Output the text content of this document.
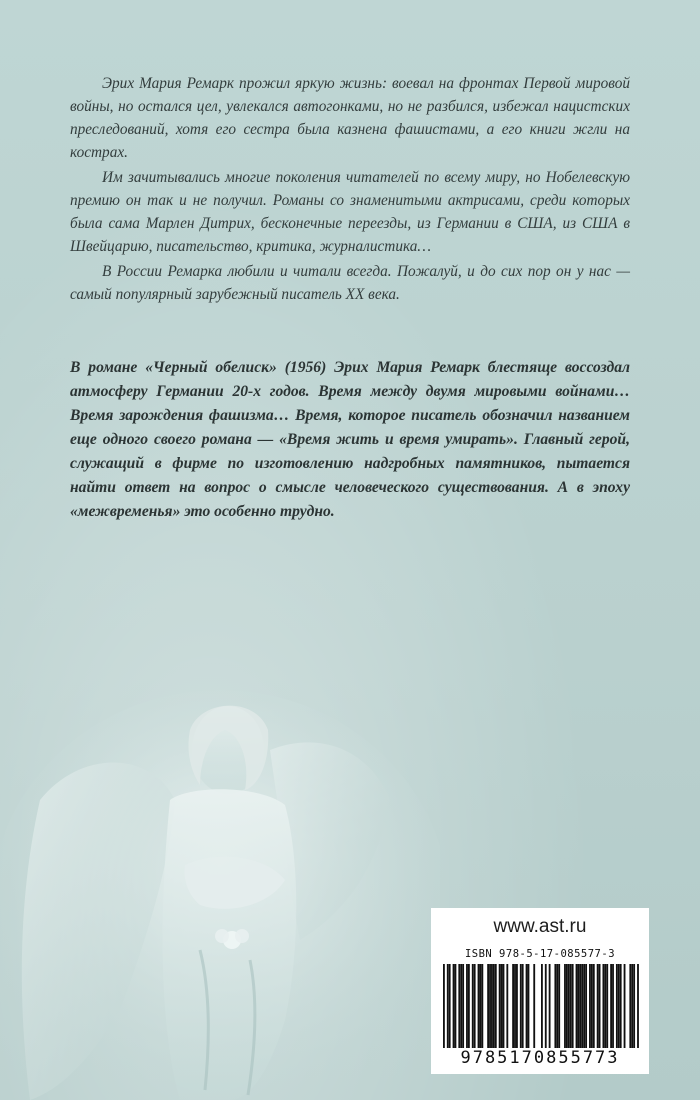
Эрих Мария Ремарк прожил яркую жизнь: воевал на фронтах Первой мировой войны, но остался цел, увлекался автогонками, но не разбился, избежал нацистских преследований, хотя его сестра была казнена фашистами, а его книги жгли на кострах.

Им зачитывались многие поколения читателей по всему миру, но Нобелевскую премию он так и не получил. Романы со знаменитыми актрисами, среди которых была сама Марлен Дитрих, бесконечные переезды, из Германии в США, из США в Швейцарию, писательство, критика, журналистика…

В России Ремарка любили и читали всегда. Пожалуй, и до сих пор он у нас — самый популярный зарубежный писатель XX века.

В романе «Черный обелиск» (1956) Эрих Мария Ремарк блестяще воссоздал атмосферу Германии 20-х годов. Время между двумя мировыми войнами… Время зарождения фашизма… Время, которое писатель обозначил названием еще одного своего романа — «Время жить и время умирать». Главный герой, служащий в фирме по изготовлению надгробных памятников, пытается найти ответ на вопрос о смысле человеческого существования. А в эпоху «межвременья» это особенно трудно.

www.ast.ru
ISBN 978-5-17-085577-3
9785170855773
